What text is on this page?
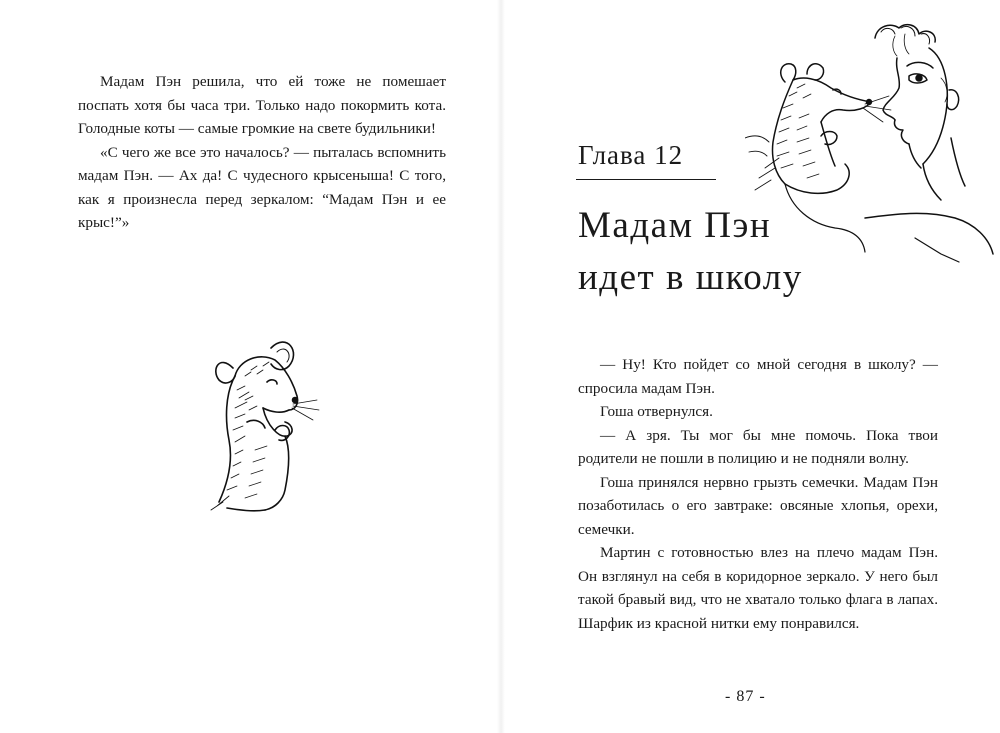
Мадам Пэн решила, что ей тоже не помешает поспать хотя бы часа три. Только надо покормить кота. Голодные коты — самые громкие на свете будильники!

«С чего же все это началось? — пыталась вспомнить мадам Пэн. — Ах да! С чудесного крысеныша! С того, как я произнесла перед зеркалом: “Мадам Пэн и ее крыс!”»

Глава 12
Мадам Пэн
идет в школу

— Ну! Кто пойдет со мной сегодня в школу? — спросила мадам Пэн.

Гоша отвернулся.

— А зря. Ты мог бы мне помочь. Пока твои родители не пошли в полицию и не подняли волну.

Гоша принялся нервно грызть семечки. Мадам Пэн позаботилась о его завтраке: овсяные хлопья, орехи, семечки.

Мартин с готовностью влез на плечо мадам Пэн. Он взглянул на себя в коридорное зеркало. У него был такой бравый вид, что не хватало только флага в лапах. Шарфик из красной нитки ему понравился.

- 87 -
